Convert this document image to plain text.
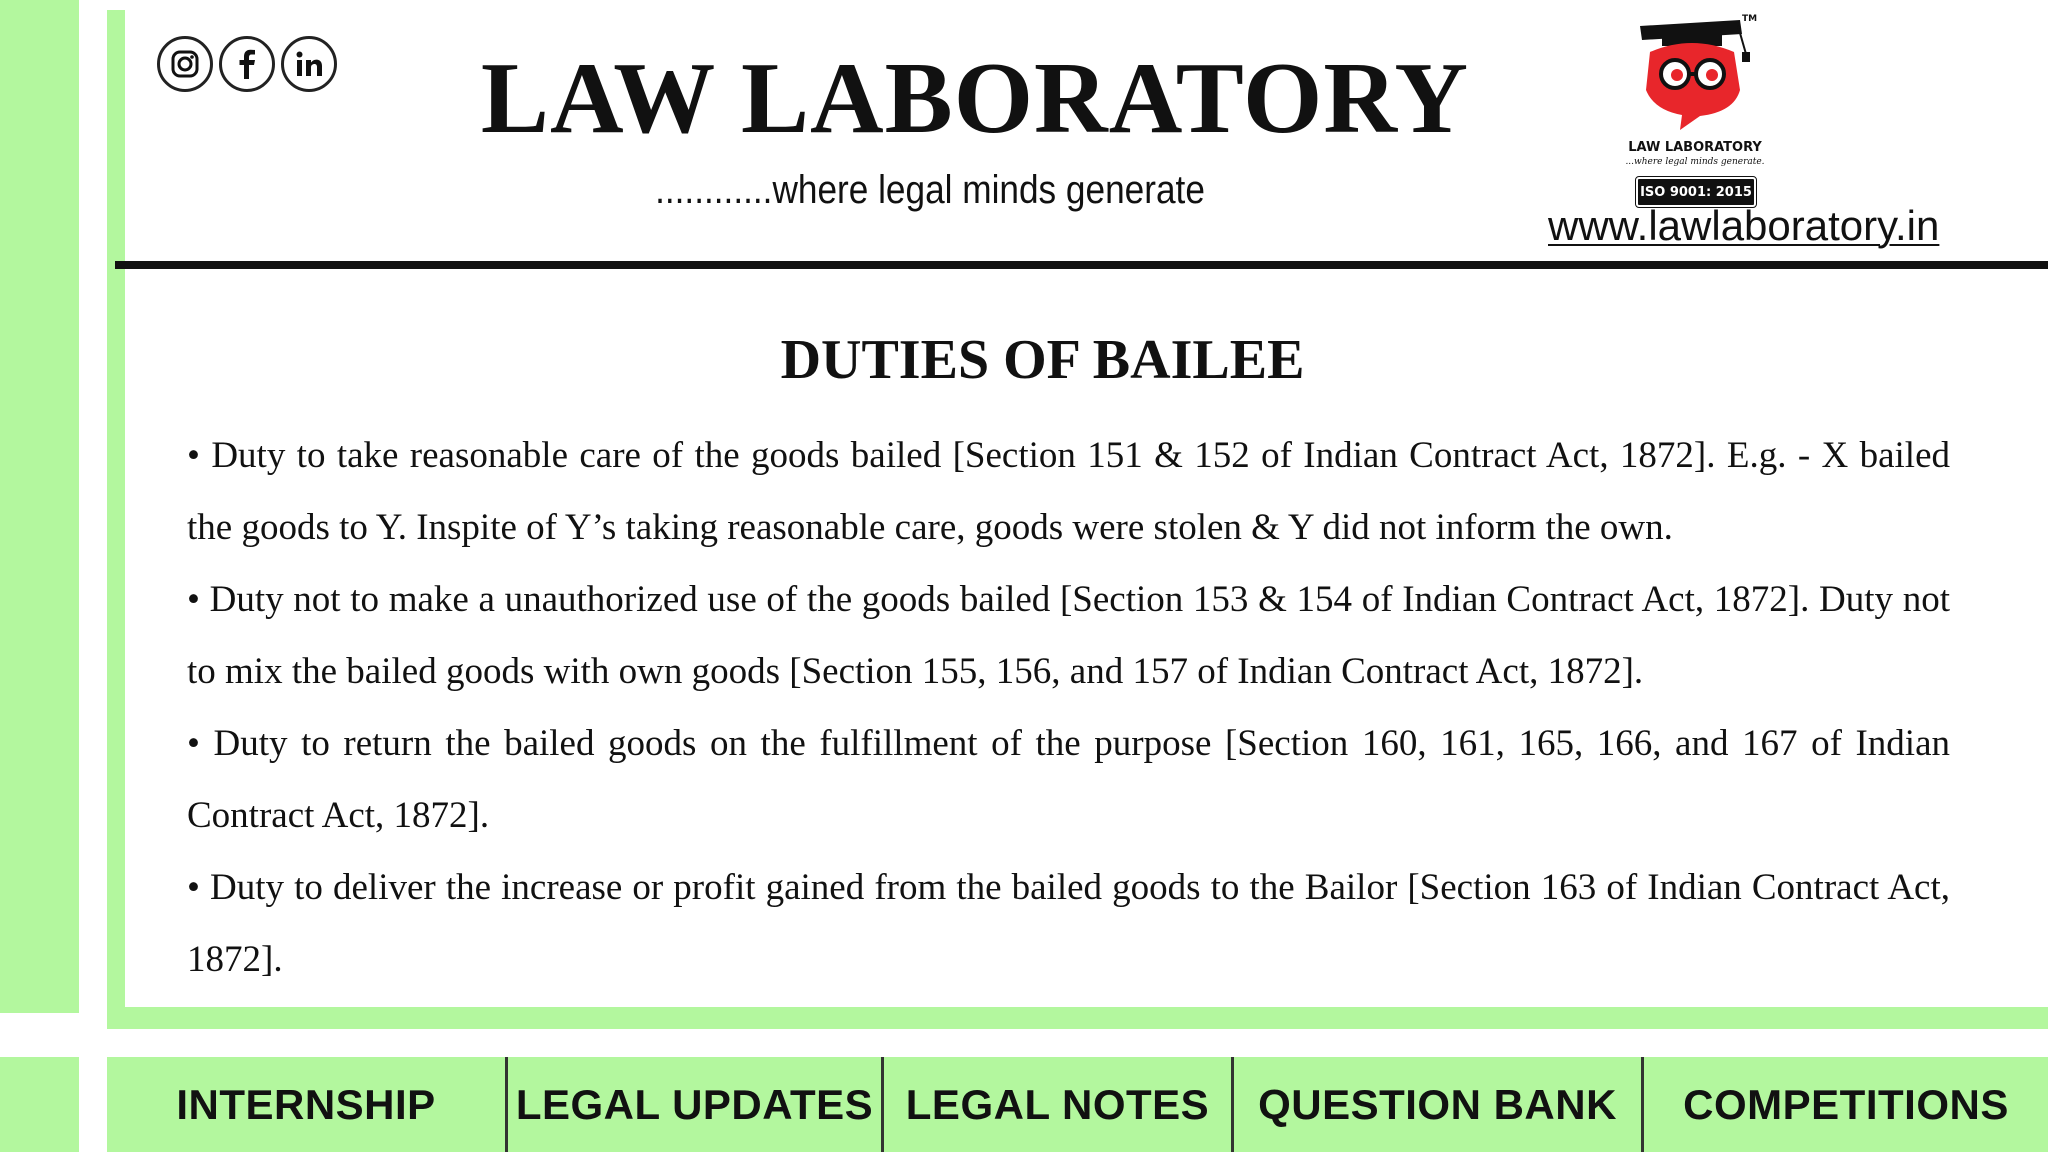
LAW LABORATORY
............where legal minds generate
TM
LAW LABORATORY
...where legal minds generate.
ISO 9001: 2015
www.lawlaboratory.in
DUTIES OF BAILEE

• Duty to take reasonable care of the goods bailed [Section 151 & 152 of Indian Contract Act, 1872]. E.g. - X bailed the goods to Y. Inspite of Y’s taking reasonable care, goods were stolen & Y did not inform the own.

• Duty not to make a unauthorized use of the goods bailed [Section 153 & 154 of Indian Contract Act, 1872]. Duty not to mix the bailed goods with own goods [Section 155, 156, and 157 of Indian Contract Act, 1872].

• Duty to return the bailed goods on the fulfillment of the purpose [Section 160, 161, 165, 166, and 167 of Indian Contract Act, 1872].

• Duty to deliver the increase or profit gained from the bailed goods to the Bailor [Section 163 of Indian Contract Act, 1872].

INTERNSHIP	LEGAL UPDATES LEGAL NOTES	QUESTION BANK	COMPETITIONS
